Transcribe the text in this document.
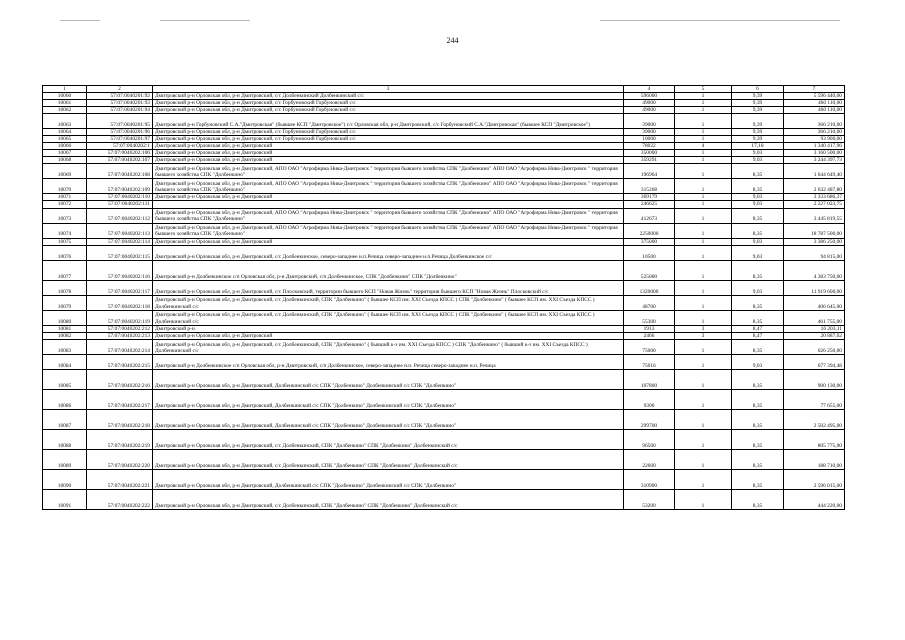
244
1	2	3	4	5	6	7
10060	57:07:0040201:92	Дмитровский р-н Орловская обл, р-н Дмитровский, с/с Долбенкинский Долбенкинский с/с	596000	1	9,39	5 596 440,00
10061	57:07:0040201:93	Дмитровский р-н Орловская обл, р-н Дмитровский, с/с Горбуновский Горбуновский с/с	49000	1	9,39	460 110,00
10062	57:07:0040201:94	Дмитровский р-н Орловская обл, р-н Дмитровский, с/с Горбуновский Горбуновский с/с	49000	1	9,39	460 110,00
10063	57:07:0040201:95	Дмитровский р-н Горбуновский С.А."Дмитровская" (бывшее КСП "Дмитровское") с/с Орловская обл, р-н Дмитровский, с/с Горбуновский С.А."Дмитровская" (бывшее КСП "Дмитровское")	39000	1	9,39	366 210,00
10064	57:07:0040201:96	Дмитровский р-н Орловская обл, р-н Дмитровский, с/с Горбуновский Горбуновский с/с	39000	1	9,39	366 210,00
10065	57:07:0040201:97	Дмитровский р-н Орловская обл, р-н Дмитровский, с/с Горбуновский Горбуновский с/с	10000	1	9,39	93 900,00
10066	57:07:0040202:1	Дмитровский р-н Орловская обл, р-н Дмитровский	78022	4	17,18	1 340 417,96
10067	57:07:0040202:106	Дмитровский р-н Орловская обл, р-н Дмитровский	350000	1	9,03	3 160 500,00
10068	57:07:0040202:107	Дмитровский р-н Орловская обл, р-н Дмитровский	359291	1	9,03	3 244 397,73
10069	57:07:0040202:108	Дмитровский р-н Орловская обл, р-н Дмитровский, АПО ОАО "Агрофирма Нива-Дмитровск " территория бывшего хозяйства СПК "Долбенкино" АПО ОАО "Агрофирма Нива-Дмитровск " территория бывшего хозяйства СПК "Долбенкино"	196964	1	8,35	1 644 649,40
10070	57:07:0040202:109	Дмитровский р-н Орловская обл, р-н Дмитровский, АПО ОАО "Агрофирма Нива-Дмитровск " территория бывшего хозяйства СПК "Долбенкино" АПО ОАО "Агрофирма Нива-Дмитровск " территория бывшего хозяйства СПК "Долбенкино"	315268	1	8,35	2 632 487,80
10071	57:07:0040202:110	Дмитровский р-н Орловская обл, р-н Дмитровский	369179	1	9,03	3 333 686,37
10072	57:07:0040202:111		246625	1	9,03	2 227 023,75
10073	57:07:0040202:112	Дмитровский р-н Орловская обл, р-н Дмитровский, АПО ОАО "Агрофирма Нива-Дмитровск " территория бывшего хозяйства СПК "Долбенкино" АПО ОАО "Агрофирма Нива-Дмитровск " территория бывшего хозяйства СПК "Долбенкино"	412673	1	8,35	3 445 819,55
10074	57:07:0040202:113	Дмитровский р-н Орловская обл, р-н Дмитровский, АПО ОАО "Агрофирма Нива-Дмитровск " территория бывшего хозяйства СПК "Долбенкино" АПО ОАО "Агрофирма Нива-Дмитровск " территория бывшего хозяйства СПК "Долбенкино"	2250000	1	8,35	18 787 500,00
10075	57:07:0040202:114	Дмитровский р-н Орловская обл, р-н Дмитровский	375000	1	9,03	3 386 250,00
10076	57:07:0040202:115	Дмитровский р-н Орловская обл, р-н Дмитровский, с/с Долбенкинское, северо-западнее н.п.Речица северо-западнее н.п.Речица Долбенкинское с/с	10500	1	9,03	94 815,00
10077	57:07:0040202:116	Дмитровский р-н Долбенкинское с/п Орловская обл, р-н Дмитровский, с/п Долбенкинское, СПК "Долбенкино" СПК "Долбенкино"	525000	1	8,35	4 383 750,00
10078	57:07:0040202:117	Дмитровский р-н Орловская обл, р-н Дмитровский, с/с Плосковский, территории бывшего КСП "Новая Жизнь" территория бывшего КСП "Новая Жизнь" Плосковский с/с	1320000	1	9,03	11 919 600,00
10079	57:07:0040202:118	Дмитровский р-н Орловская обл, р-н Дмитровский, с/с Долбенкинский, СПК "Долбенкино" ( бывшее КСП им. XXI Съезда КПСС ) СПК "Долбенкино" ( бывшее КСП им. XXI Съезда КПСС ) Долбенкинский с/с	48700	1	8,35	406 645,00
10080	57:07:0040202:119	Дмитровский р-н Орловская обл, р-н Дмитровский, с/с Долбенкинский, СПК "Долбенкино" ( бывшее КСП им. XXI Съезда КПСС ) СПК "Долбенкино" ( бывшее КСП им. XXI Съезда КПСС ) Долбенкинский с/с	55300	1	8,35	461 755,00
10081	57:07:0040202:212	Дмитровский р-н	1913	3	8,47	16 203,11
10082	57:07:0040202:213	Дмитровский р-н Орловская обл, р-н Дмитровский	2466	3	8,47	20 887,02
10083	57:07:0040202:214	Дмитровский р-н Орловская обл, р-н Дмитровский, с/с Долбенкинский, СПК "Долбенкино" ( бывший к-з им. XXI Съезда КПСС ) СПК "Долбенкино" ( бывший к-з им. XXI Съезда КПСС ) Долбенкинский с/с	75000	1	8,35	626 250,00
10084	57:07:0040202:215	Дмитровский р-н Долбенкинское с/п Орловская обл, р-н Дмитровский, с/п Долбенкинское, северо-западнее н.п. Речица северо-западнее н.п. Речица	75016	1	9,03	677 394,48
10085	57:07:0040202:216	Дмитровский р-н Орловская обл, р-н Дмитровский, Долбенкинский с/с СПК "Долбенкино" Долбенкинский с/с СПК "Долбенкино"	107800	1	8,35	900 130,00
10086	57:07:0040202:217	Дмитровский р-н Орловская обл, р-н Дмитровский, Долбенкинский с/с СПК "Долбенкино" Долбенкинский с/с СПК "Долбенкино"	9300	1	8,35	77 655,00
10087	57:07:0040202:218	Дмитровский р-н Орловская обл, р-н Дмитровский, Долбенкинский с/с СПК "Долбенкино" Долбенкинский с/с СПК "Долбенкино"	299700	1	8,35	2 502 495,00
10088	57:07:0040202:219	Дмитровский р-н Орловская обл, р-н Дмитровский, с/с Долбенкинский, СПК "Долбенкино" СПК "Долбенкино" Долбенкинский с/с	96500	1	8,35	805 775,00
10089	57:07:0040202:220	Дмитровский р-н Орловская обл, р-н Дмитровский, с/с Долбенкинский, СПК "Долбенкино" СПК "Долбенкино" Долбенкинский с/с	22600	1	8,35	188 710,00
10090	57:07:0040202:221	Дмитровский р-н Орловская обл, р-н Дмитровский, Долбенкинский с/с СПК "Долбенкино" Долбенкинский с/с СПК "Долбенкино"	310900	1	8,35	2 596 015,00
10091	57:07:0040202:222	Дмитровский р-н Орловская обл, р-н Дмитровский, с/с Долбенкинский, СПК "Долбенкино" СПК "Долбенкино" Долбенкинский с/с	53200	1	8,35	444 220,00
